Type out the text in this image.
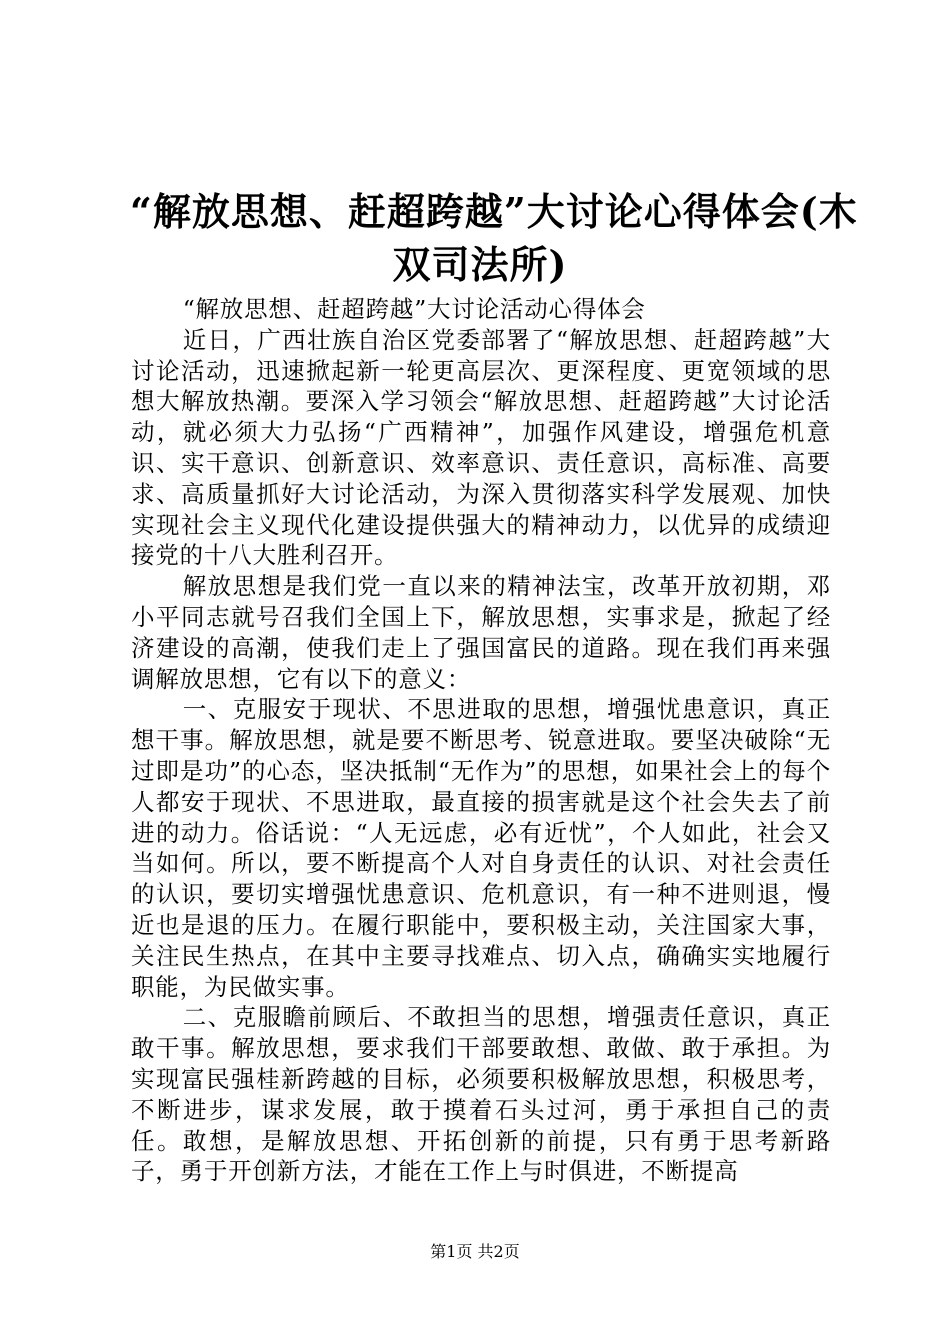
“解放思想、赶超跨越”大讨论心得体会(木
双司法所)

“解放思想、赶超跨越”大讨论活动心得体会

近日，广西壮族自治区党委部署了“解放思想、赶超跨越”大讨论活动，迅速掀起新一轮更高层次、更深程度、更宽领域的思想大解放热潮。要深入学习领会“解放思想、赶超跨越”大讨论活动，就必须大力弘扬“广西精神”，加强作风建设，增强危机意识、实干意识、创新意识、效率意识、责任意识，高标准、高要求、高质量抓好大讨论活动，为深入贯彻落实科学发展观、加快实现社会主义现代化建设提供强大的精神动力，以优异的成绩迎接党的十八大胜利召开。

解放思想是我们党一直以来的精神法宝，改革开放初期，邓小平同志就号召我们全国上下，解放思想，实事求是，掀起了经济建设的高潮，使我们走上了强国富民的道路。现在我们再来强调解放思想，它有以下的意义：

一、克服安于现状、不思进取的思想，增强忧患意识，真正想干事。解放思想，就是要不断思考、锐意进取。要坚决破除“无过即是功”的心态，坚决抵制“无作为”的思想，如果社会上的每个人都安于现状、不思进取，最直接的损害就是这个社会失去了前进的动力。俗话说：“人无远虑，必有近忧”，个人如此，社会又当如何。所以，要不断提高个人对自身责任的认识、对社会责任的认识，要切实增强忧患意识、危机意识，有一种不进则退，慢近也是退的压力。在履行职能中，要积极主动，关注国家大事，关注民生热点，在其中主要寻找难点、切入点，确确实实地履行职能，为民做实事。

二、克服瞻前顾后、不敢担当的思想，增强责任意识，真正敢干事。解放思想，要求我们干部要敢想、敢做、敢于承担。为实现富民强桂新跨越的目标，必须要积极解放思想，积极思考，不断进步，谋求发展，敢于摸着石头过河，勇于承担自己的责任。敢想，是解放思想、开拓创新的前提，只有勇于思考新路子，勇于开创新方法，才能在工作上与时俱进，不断提高

第1页 共2页
